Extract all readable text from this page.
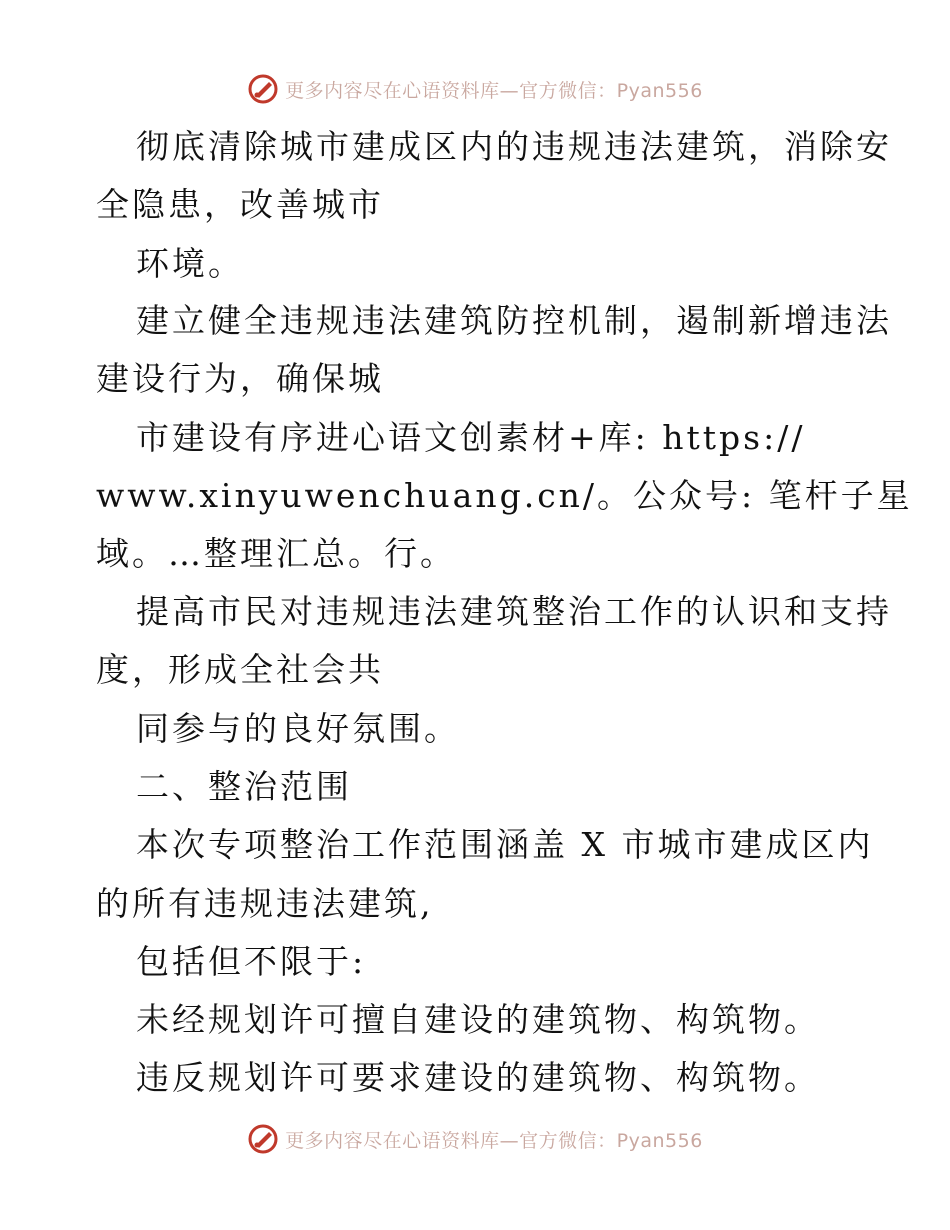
更多内容尽在心语资料库—官方微信：Pyan556
彻底清除城市建成区内的违规违法建筑，消除安
全隐患，改善城市
环境。
建立健全违规违法建筑防控机制，遏制新增违法
建设行为，确保城
市建设有序进心语文创素材+库: https://
www.xinyuwenchuang.cn/。公众号: 笔杆子星
域。…整理汇总。行。
提高市民对违规违法建筑整治工作的认识和支持
度，形成全社会共
同参与的良好氛围。
二、整治范围
本次专项整治工作范围涵盖 X 市城市建成区内
的所有违规违法建筑,
包括但不限于:
未经规划许可擅自建设的建筑物、构筑物。
违反规划许可要求建设的建筑物、构筑物。
更多内容尽在心语资料库—官方微信：Pyan556
